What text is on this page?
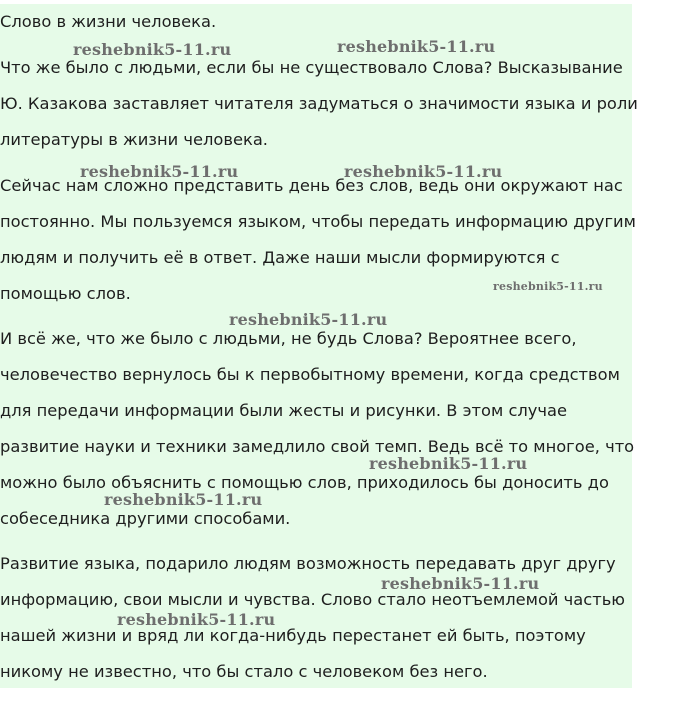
Слово в жизни человека.

Что же было с людьми, если бы не существовало Слова? Высказывание

Ю. Казакова заставляет читателя задуматься о значимости языка и роли

литературы в жизни человека.

Сейчас нам сложно представить день без слов, ведь они окружают нас

постоянно. Мы пользуемся языком, чтобы передать информацию другим

людям и получить её в ответ. Даже наши мысли формируются с

помощью слов.

И всё же, что же было с людьми, не будь Слова? Вероятнее всего,

человечество вернулось бы к первобытному времени, когда средством

для передачи информации были жесты и рисунки. В этом случае

развитие науки и техники замедлило свой темп. Ведь всё то многое, что

можно было объяснить с помощью слов, приходилось бы доносить до

собеседника другими способами.

Развитие языка, подарило людям возможность передавать друг другу

информацию, свои мысли и чувства. Слово стало неотъемлемой частью

нашей жизни и вряд ли когда-нибудь перестанет ей быть, поэтому

никому не известно, что бы стало с человеком без него.

reshebnik5-11.ru	reshebnik5-11.ru
reshebnik5-11.ru	reshebnik5-11.ru
reshebnik5-11.ru
reshebnik5-11.ru
reshebnik5-11.ru
reshebnik5-11.ru
reshebnik5-11.ru
reshebnik5-11.ru
